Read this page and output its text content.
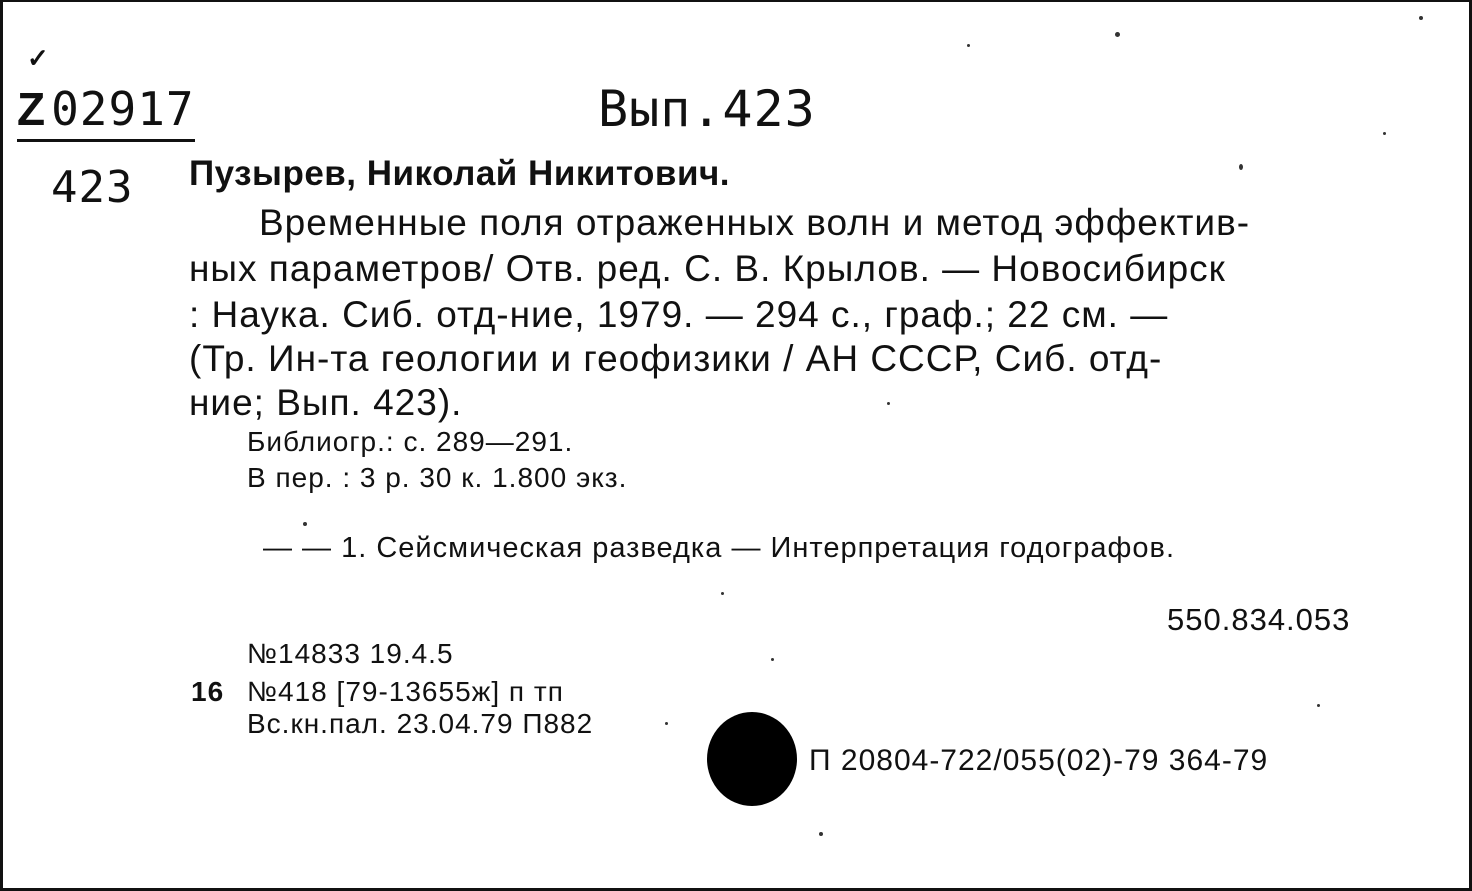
✓
Z 02917	Вып.423
423 Пузырев, Николай Никитович.
Временные поля отраженных волн и метод эффектив-
ных параметров/ Отв. ред. С. В. Крылов. — Новосибирск
: Наука. Сиб. отд-ние, 1979. — 294 с., граф.; 22 см. —
(Тр. Ин-та геологии и геофизики / АН СССР, Сиб. отд-
ние; Вып. 423).
Библиогр.: с. 289—291.
В пер. : 3 р. 30 к. 1.800 экз.
— — 1. Сейсмическая разведка — Интерпретация годографов.
550.834.053
№14833 19.4.5
16 №418 [79-13655ж] п тп
Вс.кн.пал. 23.04.79 П882
П 20804-722/055(02)-79 364-79
